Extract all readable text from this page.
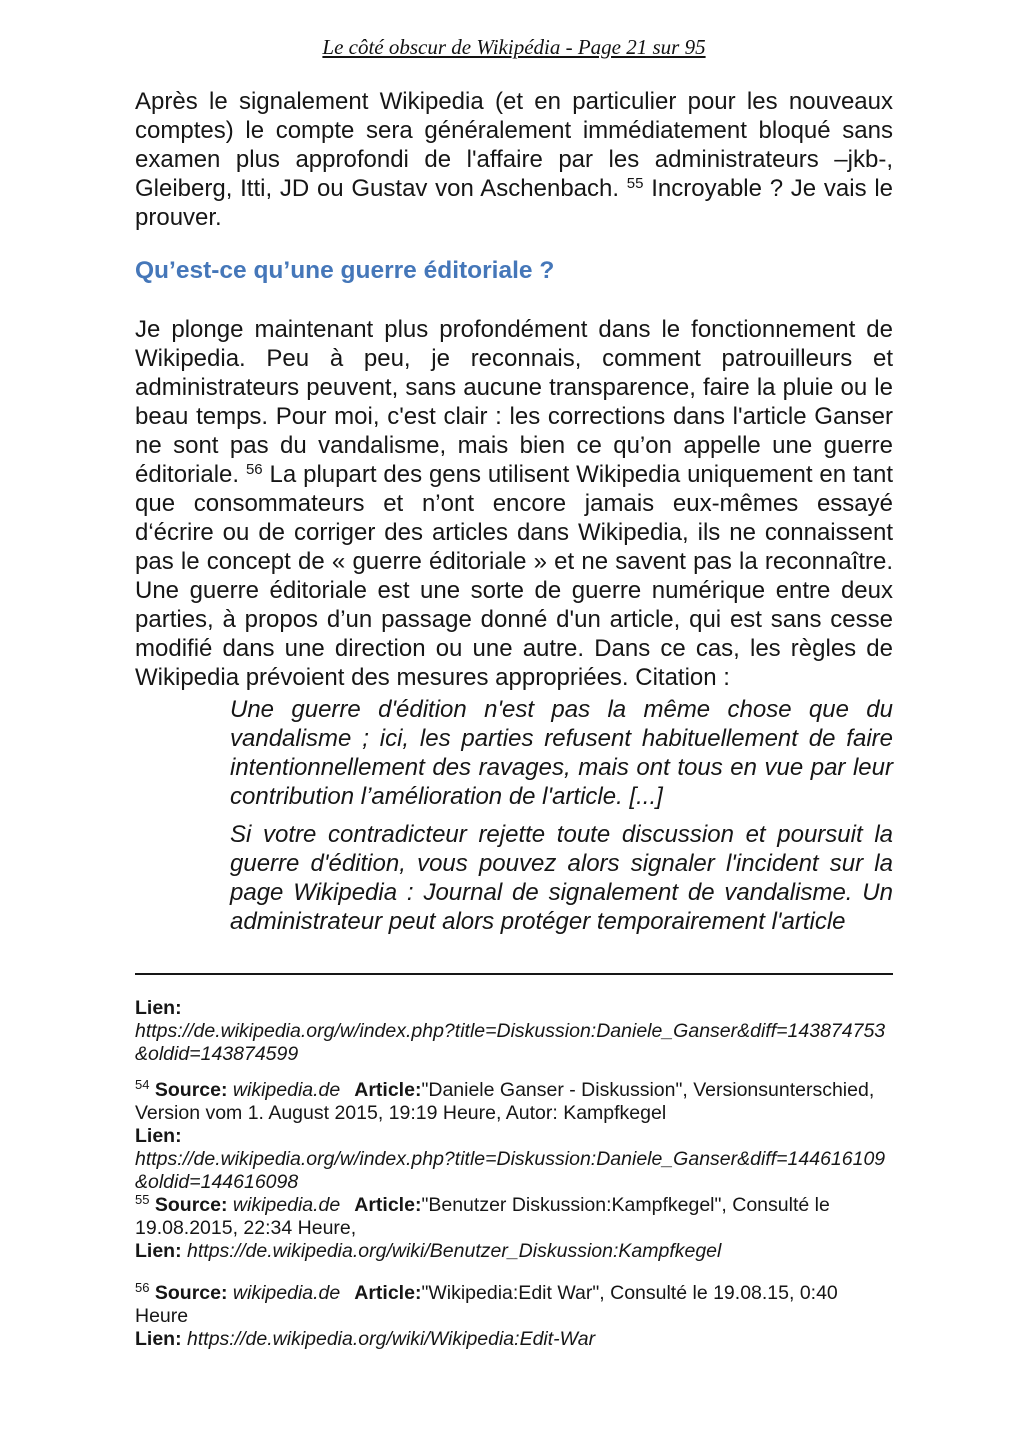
Le côté obscur de Wikipédia - Page 21 sur 95

Après le signalement Wikipedia (et en particulier pour les nouveaux comptes) le compte sera généralement immédiatement bloqué sans examen plus approfondi de l'affaire par les administrateurs –jkb-, Gleiberg, Itti, JD ou Gustav von Aschenbach. $^{55}$ Incroyable ? Je vais le prouver.

Qu’est-ce qu’une guerre éditoriale ?

Je plonge maintenant plus profondément dans le fonctionnement de Wikipedia. Peu à peu, je reconnais, comment patrouilleurs et administrateurs peuvent, sans aucune transparence, faire la pluie ou le beau temps. Pour moi, c'est clair : les corrections dans l'article Ganser ne sont pas du vandalisme, mais bien ce qu’on appelle une guerre éditoriale. $^{56}$ La plupart des gens utilisent Wikipedia uniquement en tant que consommateurs et n’ont encore jamais eux-mêmes essayé d‘écrire ou de corriger des articles dans Wikipedia, ils ne connaissent pas le concept de « guerre éditoriale » et ne savent pas la reconnaître. Une guerre éditoriale est une sorte de guerre numérique entre deux parties, à propos d’un passage donné d'un article, qui est sans cesse modifié dans une direction ou une autre. Dans ce cas, les règles de Wikipedia prévoient des mesures appropriées. Citation :

Une guerre d'édition n'est pas la même chose que du vandalisme ; ici, les parties refusent habituellement de faire intentionnellement des ravages, mais ont tous en vue par leur contribution l’amélioration de l'article. [...]

Si votre contradicteur rejette toute discussion et poursuit la guerre d'édition, vous pouvez alors signaler l'incident sur la page Wikipedia : Journal de signalement de vandalisme. Un administrateur peut alors protéger temporairement l'article

Lien:
https://de.wikipedia.org/w/index.php?title=Diskussion:Daniele_Ganser&diff=143874753&oldid=143874599
$^{54}$ Source: wikipedia.de Article:"Daniele Ganser - Diskussion", Versionsunterschied, Version vom 1. August 2015, 19:19 Heure, Autor: Kampfkegel
Lien:
https://de.wikipedia.org/w/index.php?title=Diskussion:Daniele_Ganser&diff=144616109&oldid=144616098
$^{55}$ Source: wikipedia.de Article:"Benutzer Diskussion:Kampfkegel", Consulté le 19.08.2015, 22:34 Heure,
Lien: https://de.wikipedia.org/wiki/Benutzer_Diskussion:Kampfkegel
$^{56}$ Source: wikipedia.de Article:"Wikipedia:Edit War", Consulté le 19.08.15, 0:40 Heure
Lien: https://de.wikipedia.org/wiki/Wikipedia:Edit-War
